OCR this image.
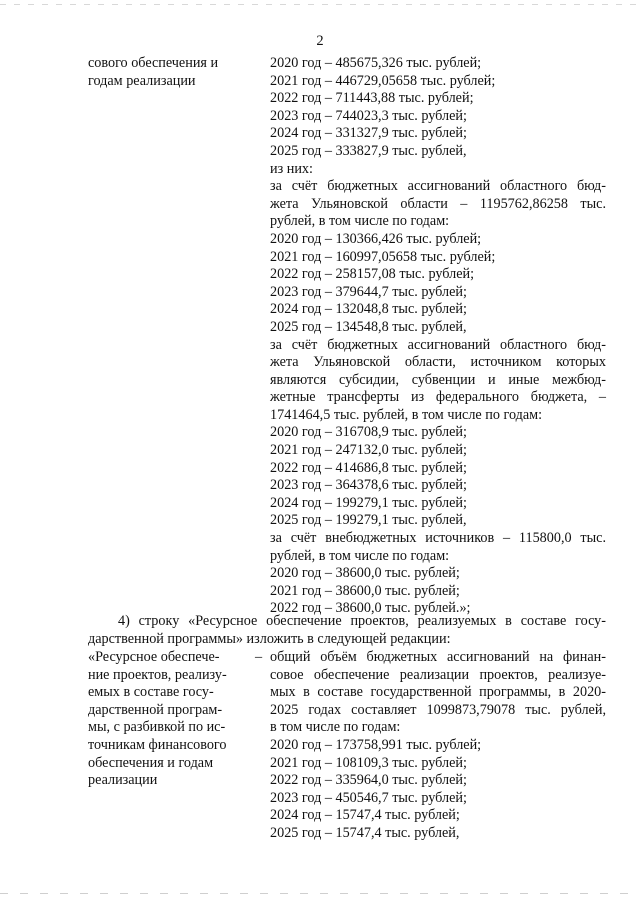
2
сового обеспечения и
годам реализации
2020 год – 485675,326 тыс. рублей;
2021 год – 446729,05658 тыс. рублей;
2022 год – 711443,88 тыс. рублей;
2023 год – 744023,3 тыс. рублей;
2024 год – 331327,9 тыс. рублей;
2025 год – 333827,9 тыс. рублей,
из них:
за счёт бюджетных ассигнований областного бюд-
жета Ульяновской области – 1195762,86258 тыс.
рублей, в том числе по годам:
2020 год – 130366,426 тыс. рублей;
2021 год – 160997,05658 тыс. рублей;
2022 год – 258157,08 тыс. рублей;
2023 год – 379644,7 тыс. рублей;
2024 год – 132048,8 тыс. рублей;
2025 год – 134548,8 тыс. рублей,
за счёт бюджетных ассигнований областного бюд-
жета Ульяновской области, источником которых
являются субсидии, субвенции и иные межбюд-
жетные трансферты из федерального бюджета, –
1741464,5 тыс. рублей, в том числе по годам:
2020 год – 316708,9 тыс. рублей;
2021 год – 247132,0 тыс. рублей;
2022 год – 414686,8 тыс. рублей;
2023 год – 364378,6 тыс. рублей;
2024 год – 199279,1 тыс. рублей;
2025 год – 199279,1 тыс. рублей,
за счёт внебюджетных источников – 115800,0 тыс.
рублей, в том числе по годам:
2020 год – 38600,0 тыс. рублей;
2021 год – 38600,0 тыс. рублей;
2022 год – 38600,0 тыс. рублей.»;
4) строку «Ресурсное обеспечение проектов, реализуемых в составе госу-
дарственной программы» изложить в следующей редакции:
«Ресурсное обеспече-
ние проектов, реализу-
емых в составе госу-
дарственной програм-
мы, с разбивкой по ис-
точникам финансового
обеспечения и годам
реализации
– общий объём бюджетных ассигнований на финан-
совое обеспечение реализации проектов, реализуе-
мых в составе государственной программы, в 2020-
2025 годах составляет 1099873,79078 тыс. рублей,
в том числе по годам:
2020 год – 173758,991 тыс. рублей;
2021 год – 108109,3 тыс. рублей;
2022 год – 335964,0 тыс. рублей;
2023 год – 450546,7 тыс. рублей;
2024 год – 15747,4 тыс. рублей;
2025 год – 15747,4 тыс. рублей,
